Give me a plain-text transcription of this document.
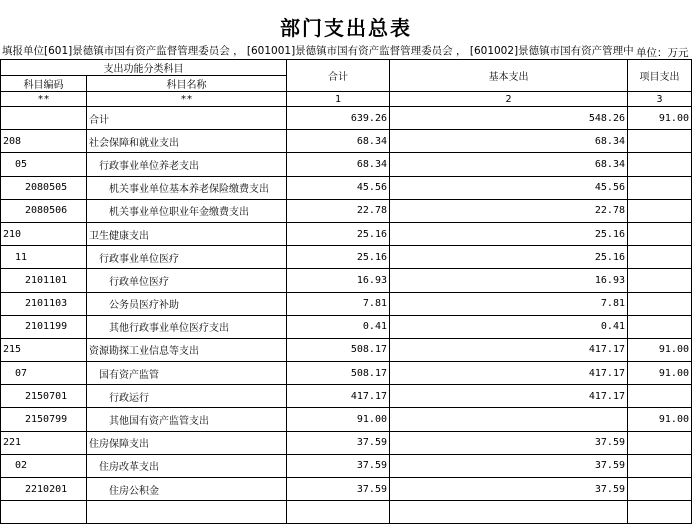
部门支出总表
填报单位[601]景德镇市国有资产监督管理委员会 ， [601001]景德镇市国有资产监督管理委员会 ， [601002]景德镇市国有资产管理中 单位：万元
支出功能分类科目		合计	基本支出	项目支出
科目编码	科目名称			
**	**	1	2	3
	合计	639.26	548.26	91.00
208	社会保障和就业支出	68.34	68.34	
05	行政事业单位养老支出	68.34	68.34	
2080505	机关事业单位基本养老保险缴费支出	45.56	45.56	
2080506	机关事业单位职业年金缴费支出	22.78	22.78	
210	卫生健康支出	25.16	25.16	
11	行政事业单位医疗	25.16	25.16	
2101101	行政单位医疗	16.93	16.93	
2101103	公务员医疗补助	7.81	7.81	
2101199	其他行政事业单位医疗支出	0.41	0.41	
215	资源勘探工业信息等支出	508.17	417.17	91.00
07	国有资产监管	508.17	417.17	91.00
2150701	行政运行	417.17	417.17	
2150799	其他国有资产监管支出	91.00		91.00
221	住房保障支出	37.59	37.59	
02	住房改革支出	37.59	37.59	
2210201	住房公积金	37.59	37.59	
